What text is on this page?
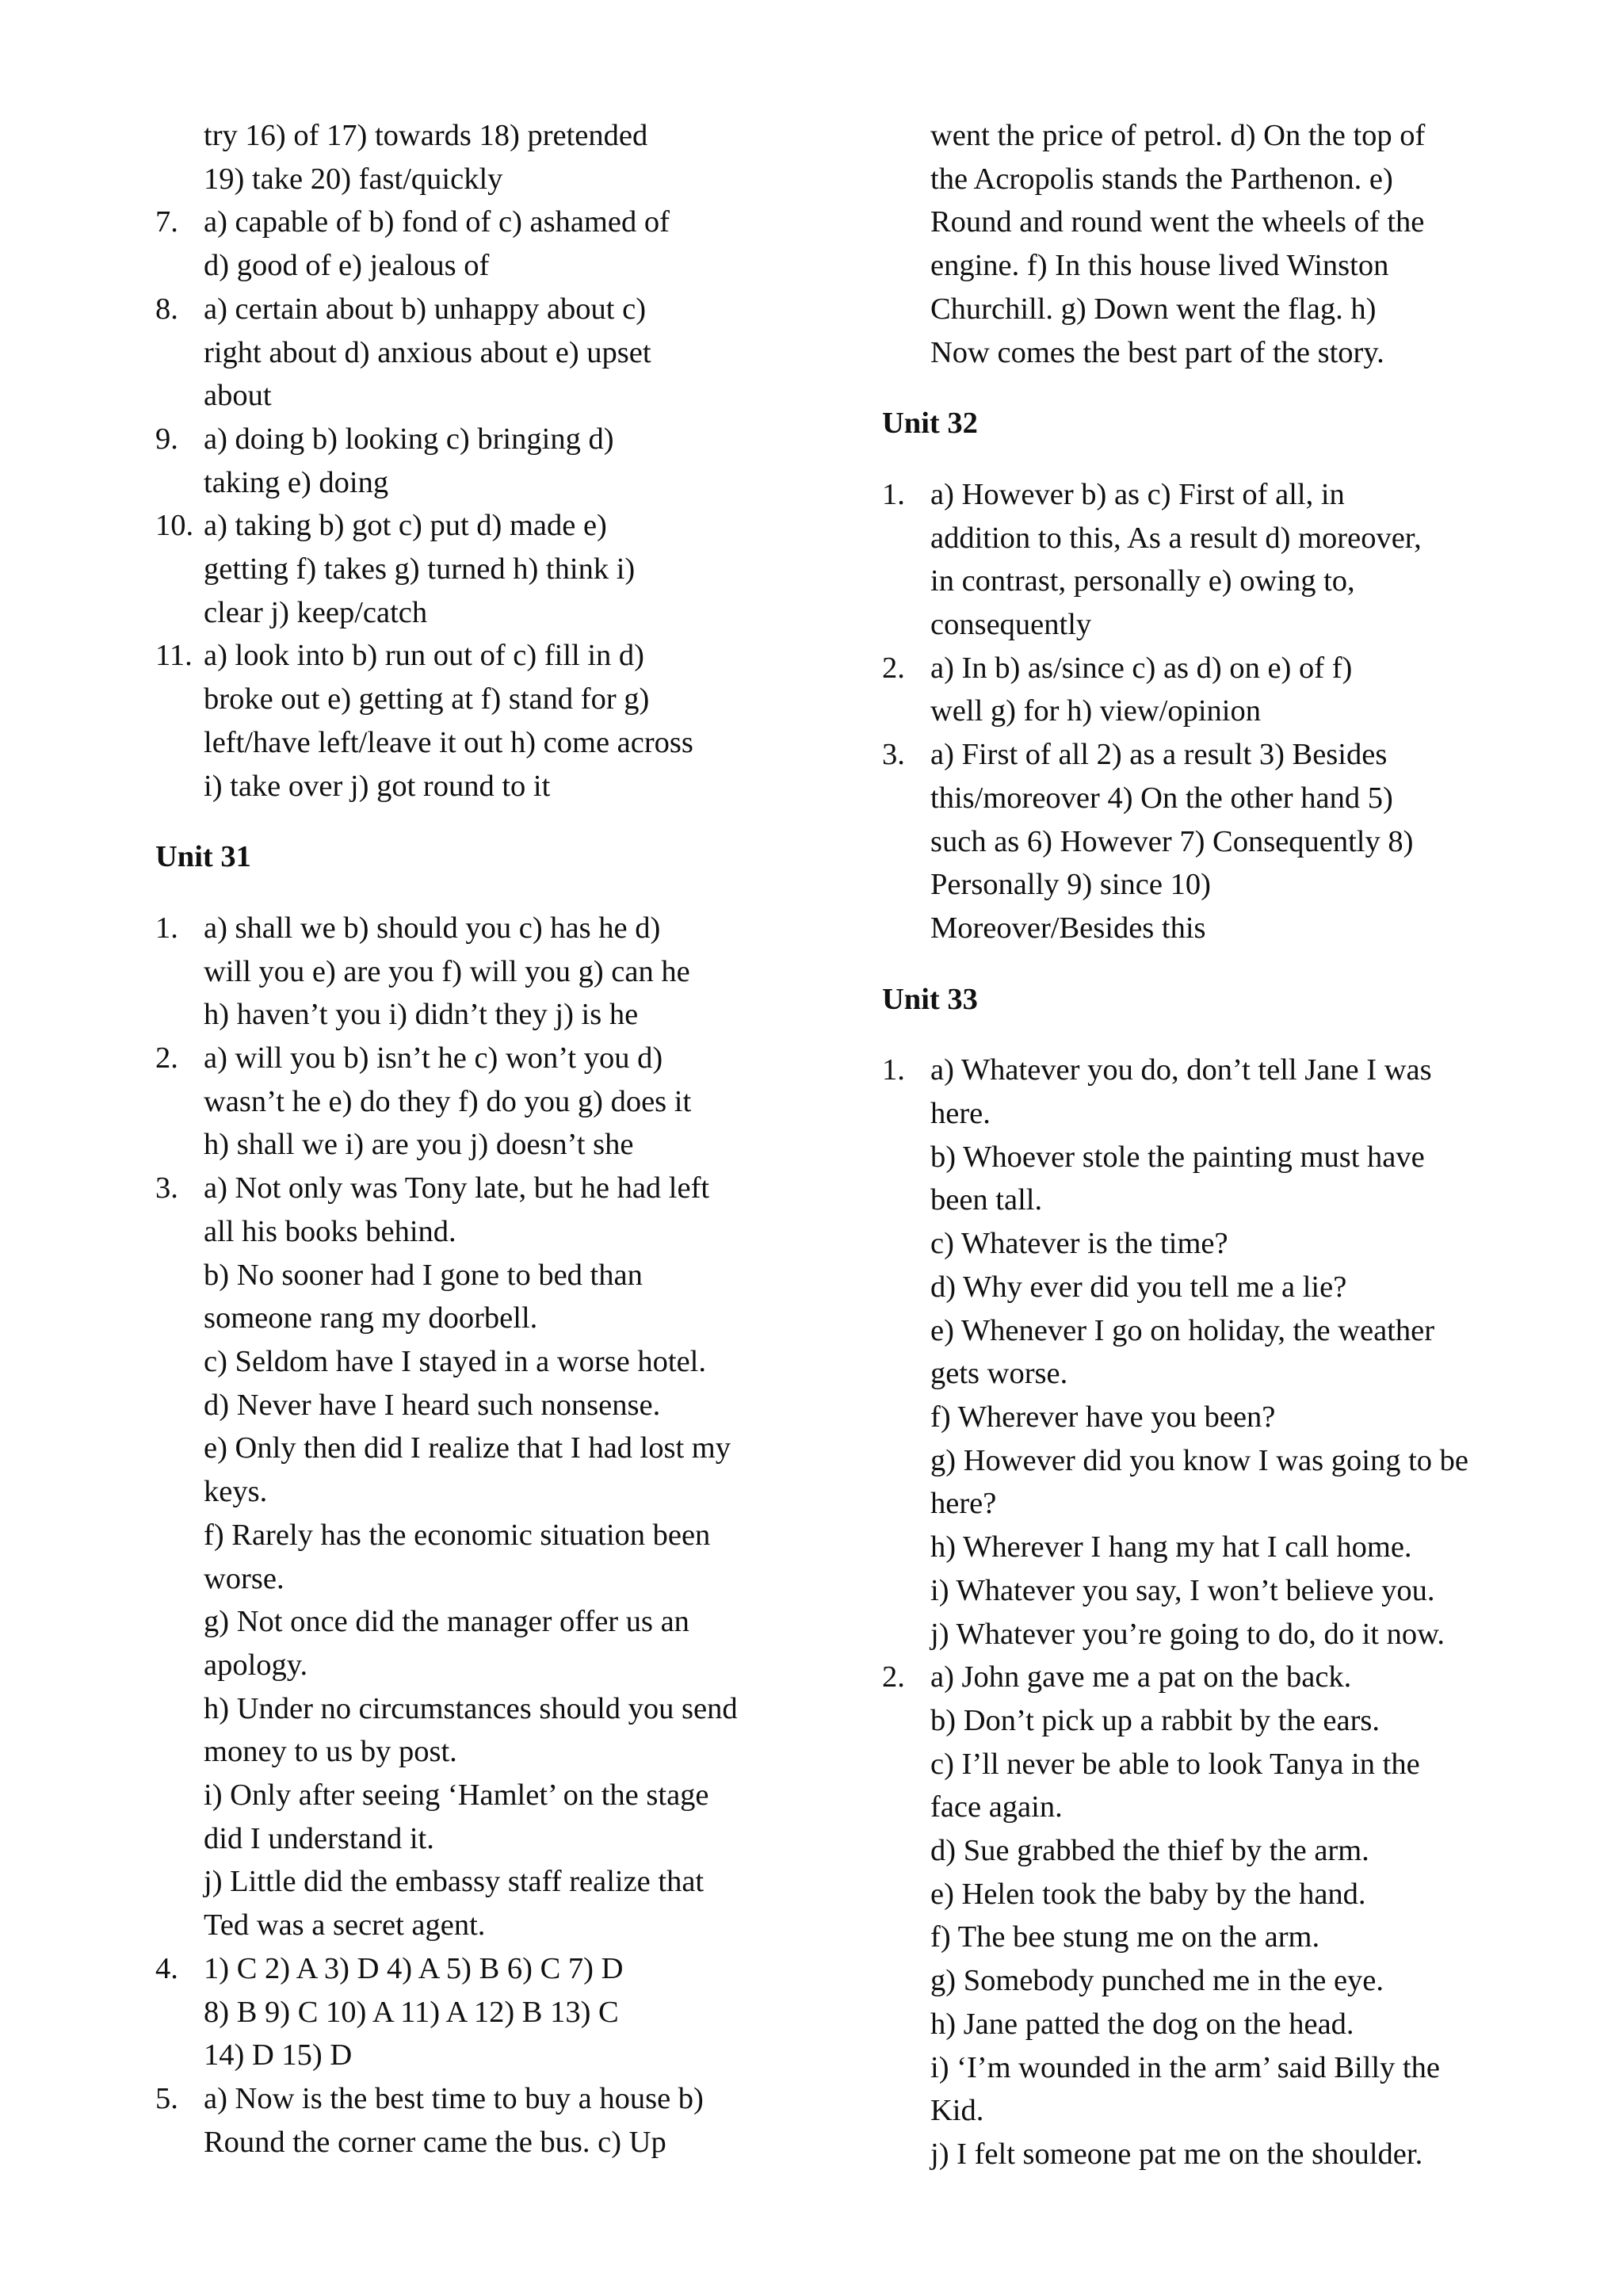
try 16) of 17) towards 18) pretended
19) take 20) fast/quickly
7. a) capable of b) fond of c) ashamed of
d) good of e) jealous of
8. a) certain about b) unhappy about c)
right about d) anxious about e) upset
about
9. a) doing b) looking c) bringing d)
taking e) doing
10. a) taking b) got c) put d) made e)
getting f) takes g) turned h) think i)
clear j) keep/catch
11. a) look into b) run out of c) fill in d)
broke out e) getting at f) stand for g)
left/have left/leave it out h) come across
i) take over j) got round to it
Unit 31
1. a) shall we b) should you c) has he d)
will you e) are you f) will you g) can he
h) haven’t you i) didn’t they j) is he
2. a) will you b) isn’t he c) won’t you d)
wasn’t he e) do they f) do you g) does it
h) shall we i) are you j) doesn’t she
3. a) Not only was Tony late, but he had left
all his books behind.
b) No sooner had I gone to bed than
someone rang my doorbell.
c) Seldom have I stayed in a worse hotel.
d) Never have I heard such nonsense.
e) Only then did I realize that I had lost my
keys.
f) Rarely has the economic situation been
worse.
g) Not once did the manager offer us an
apology.
h) Under no circumstances should you send
money to us by post.
i) Only after seeing ‘Hamlet’ on the stage
did I understand it.
j) Little did the embassy staff realize that
Ted was a secret agent.
4. 1) C 2) A 3) D 4) A 5) B 6) C 7) D
8) B 9) C 10) A 11) A 12) B 13) C
14) D 15) D
5. a) Now is the best time to buy a house b)
Round the corner came the bus. c) Up
went the price of petrol. d) On the top of
the Acropolis stands the Parthenon. e)
Round and round went the wheels of the
engine. f) In this house lived Winston
Churchill. g) Down went the flag. h)
Now comes the best part of the story.
Unit 32
1. a) However b) as c) First of all, in
addition to this, As a result d) moreover,
in contrast, personally e) owing to,
consequently
2. a) In b) as/since c) as d) on e) of f)
well g) for h) view/opinion
3. a) First of all 2) as a result 3) Besides
this/moreover 4) On the other hand 5)
such as 6) However 7) Consequently 8)
Personally 9) since 10)
Moreover/Besides this
Unit 33
1. a) Whatever you do, don’t tell Jane I was
here.
b) Whoever stole the painting must have
been tall.
c) Whatever is the time?
d) Why ever did you tell me a lie?
e) Whenever I go on holiday, the weather
gets worse.
f) Wherever have you been?
g) However did you know I was going to be
here?
h) Wherever I hang my hat I call home.
i) Whatever you say, I won’t believe you.
j) Whatever you’re going to do, do it now.
2. a) John gave me a pat on the back.
b) Don’t pick up a rabbit by the ears.
c) I’ll never be able to look Tanya in the
face again.
d) Sue grabbed the thief by the arm.
e) Helen took the baby by the hand.
f) The bee stung me on the arm.
g) Somebody punched me in the eye.
h) Jane patted the dog on the head.
i) ‘I’m wounded in the arm’ said Billy the
Kid.
j) I felt someone pat me on the shoulder.
